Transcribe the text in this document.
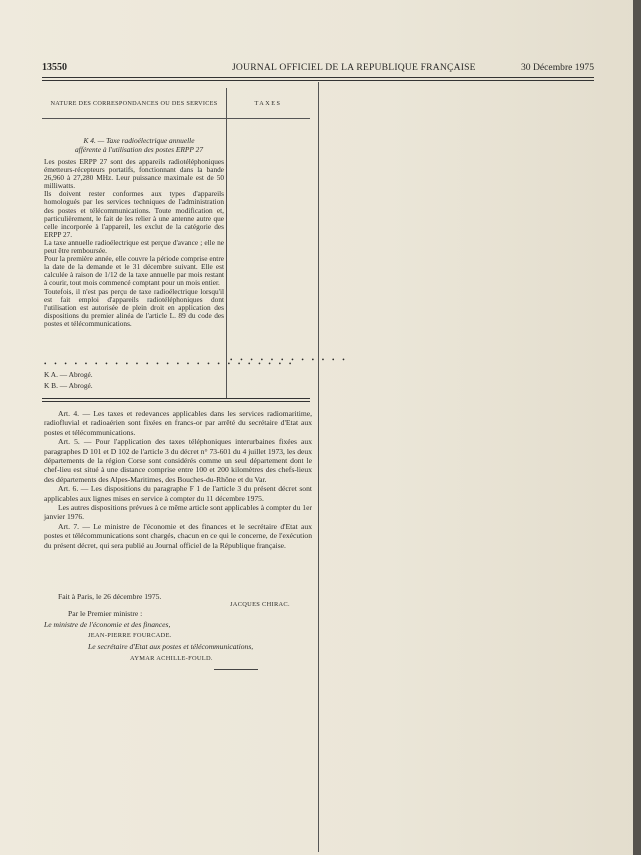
13550	JOURNAL OFFICIEL DE LA REPUBLIQUE FRANÇAISE	30 Décembre 1975
NATURE DES CORRESPONDANCES OU DES SERVICES	TAXES
K 4. — Taxe radioélectrique annuelle
afférente à l'utilisation des postes ERPP 27

Les postes ERPP 27 sont des appareils radiotéléphoniques émetteurs-récepteurs portatifs, fonctionnant dans la bande 26,960 à 27,280 MHz. Leur puissance maximale est de 50 milliwatts.

Ils doivent rester conformes aux types d'appareils homologués par les services techniques de l'administration des postes et télécommunications. Toute modification et, particulièrement, le fait de les relier à une antenne autre que celle incorporée à l'appareil, les exclut de la catégorie des ERPP 27.

La taxe annuelle radioélectrique est perçue d'avance ; elle ne peut être remboursée.

Pour la première année, elle couvre la période comprise entre la date de la demande et le 31 décembre suivant. Elle est calculée à raison de 1/12 de la taxe annuelle par mois restant à courir, tout mois commencé comptant pour un mois entier.

Toutefois, il n'est pas perçu de taxe radioélectrique lorsqu'il est fait emploi d'appareils radiotéléphoniques dont l'utilisation est autorisée de plein droit en application des dispositions du premier alinéa de l'article L. 89 du code des postes et télécommunications.

• • • • • • • • • • • • • • • • • • • • • • • • •
• • • • • • • • • • • •
K A. — Abrogé.
K B. — Abrogé.

Art. 4. — Les taxes et redevances applicables dans les services radiomaritime, radiofluvial et radioaérien sont fixées en francs-or par arrêté du secrétaire d'Etat aux postes et télécommunications.

Art. 5. — Pour l'application des taxes téléphoniques interurbaines fixées aux paragraphes D 101 et D 102 de l'article 3 du décret n° 73-601 du 4 juillet 1973, les deux départements de la région Corse sont considérés comme un seul département dont le chef-lieu est situé à une distance comprise entre 100 et 200 kilomètres des chefs-lieux des départements des Alpes-Maritimes, des Bouches-du-Rhône et du Var.

Art. 6. — Les dispositions du paragraphe F 1 de l'article 3 du présent décret sont applicables aux lignes mises en service à compter du 11 décembre 1975.

Les autres dispositions prévues à ce même article sont applicables à compter du 1er janvier 1976.

Art. 7. — Le ministre de l'économie et des finances et le secrétaire d'Etat aux postes et télécommunications sont chargés, chacun en ce qui le concerne, de l'exécution du présent décret, qui sera publié au Journal officiel de la République française.

Fait à Paris, le 26 décembre 1975.
JACQUES CHIRAC.
Par le Premier ministre :
Le ministre de l'économie et des finances,
JEAN-PIERRE FOURCADE.
Le secrétaire d'Etat aux postes et télécommunications,
AYMAR ACHILLE-FOULD.
